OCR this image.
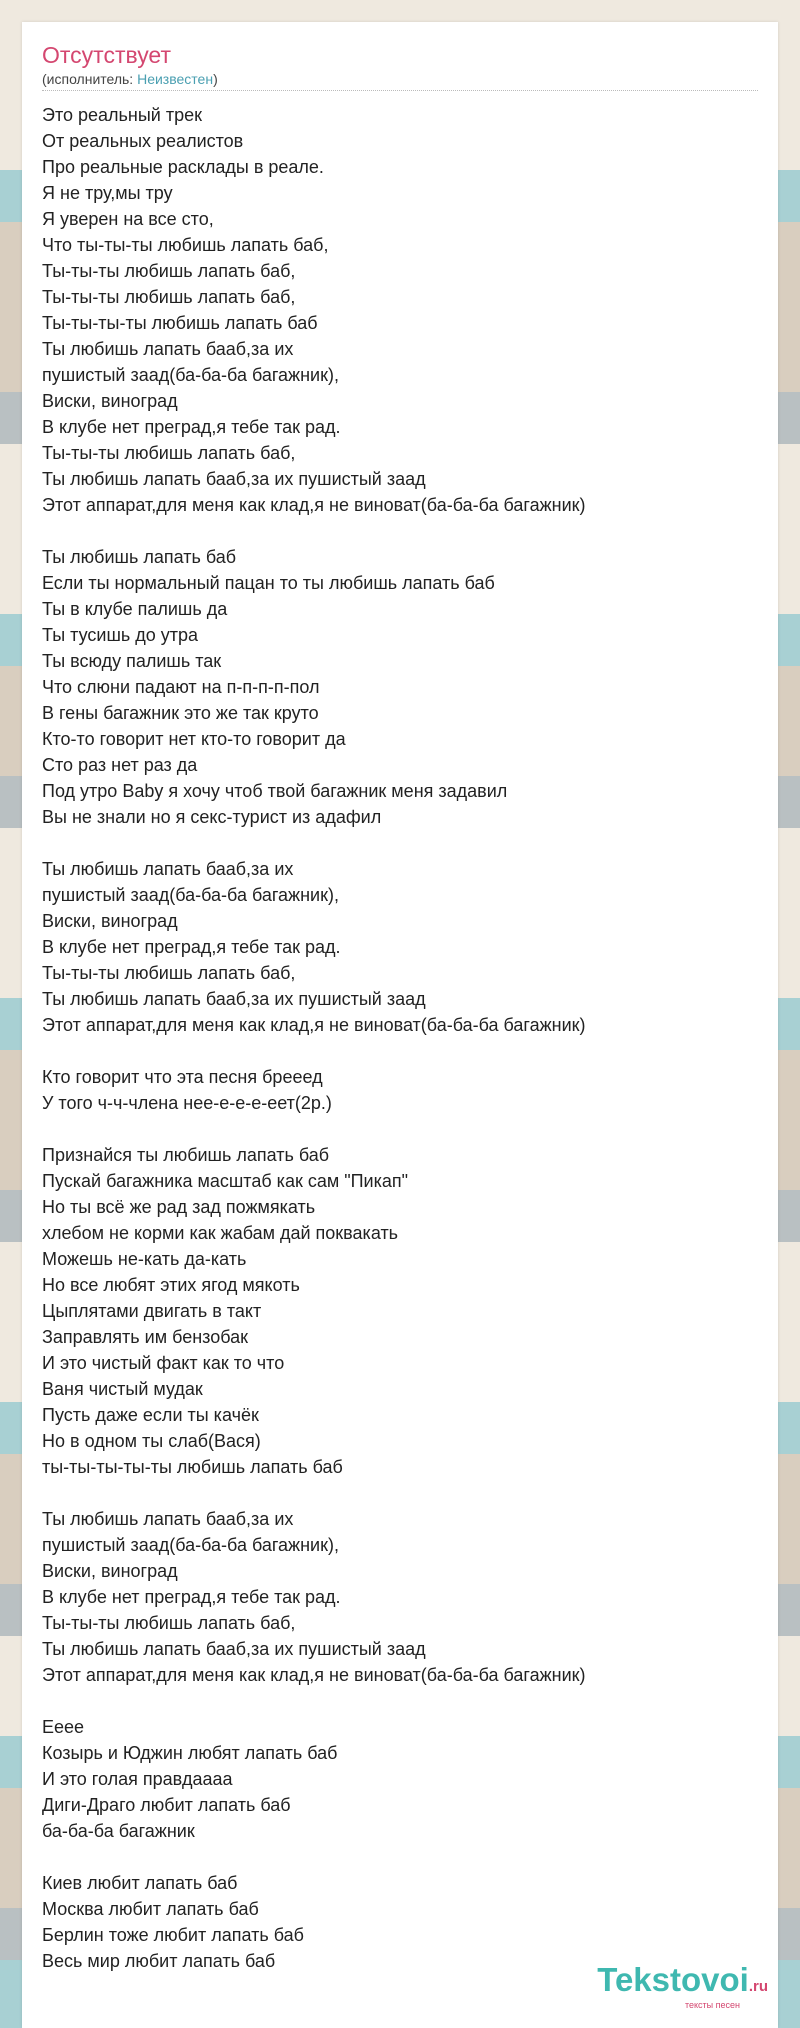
Отсутствует
(исполнитель: Неизвестен)
Это реальный трек
От реальных реалистов
Про реальные расклады в реале.
Я не тру,мы тру
Я уверен на все сто,
Что ты-ты-ты любишь лапать баб,
Ты-ты-ты любишь лапать баб,
Ты-ты-ты любишь лапать баб,
Ты-ты-ты-ты любишь лапать баб
Ты любишь лапать бааб,за их
пушистый заад(ба-ба-ба багажник),
Виски, виноград
В клубе нет преград,я тебе так рад.
Ты-ты-ты любишь лапать баб,
Ты любишь лапать бааб,за их пушистый заад
Этот аппарат,для меня как клад,я не виноват(ба-ба-ба багажник)
Ты любишь лапать баб
Если ты нормальный пацан то ты любишь лапать баб
Ты в клубе палишь да
Ты тусишь до утра
Ты всюду палишь так
Что слюни падают на п-п-п-п-пол
В гены багажник это же так круто
Кто-то говорит нет кто-то говорит да
Сто раз нет раз да
Под утро Baby я хочу чтоб твой багажник меня задавил
Вы не знали но я секс-турист из адафил
Ты любишь лапать бааб,за их
пушистый заад(ба-ба-ба багажник),
Виски, виноград
В клубе нет преград,я тебе так рад.
Ты-ты-ты любишь лапать баб,
Ты любишь лапать бааб,за их пушистый заад
Этот аппарат,для меня как клад,я не виноват(ба-ба-ба багажник)
Кто говорит что эта песня брееед
У того ч-ч-члена нее-е-е-е-еет(2р.)
Признайся ты любишь лапать баб
Пускай багажника масштаб как сам "Пикап"
Но ты всё же рад зад пожмякать
хлебом не корми как жабам дай поквакать
Можешь не-кать да-кать
Но все любят этих ягод мякоть
Цыплятами двигать в такт
Заправлять им бензобак
И это чистый факт как то что
Ваня чистый мудак
Пусть даже если ты качёк
Но в одном ты слаб(Вася)
ты-ты-ты-ты-ты любишь лапать баб
Ты любишь лапать бааб,за их
пушистый заад(ба-ба-ба багажник),
Виски, виноград
В клубе нет преград,я тебе так рад.
Ты-ты-ты любишь лапать баб,
Ты любишь лапать бааб,за их пушистый заад
Этот аппарат,для меня как клад,я не виноват(ба-ба-ба багажник)
Ееее
Козырь и Юджин любят лапать баб
И это голая правдаааа
Диги-Драго любит лапать баб
ба-ба-ба багажник
Киев любит лапать баб
Москва любит лапать баб
Берлин тоже любит лапать баб
Весь мир любит лапать баб	Tekstovoi.ru
тексты песен
